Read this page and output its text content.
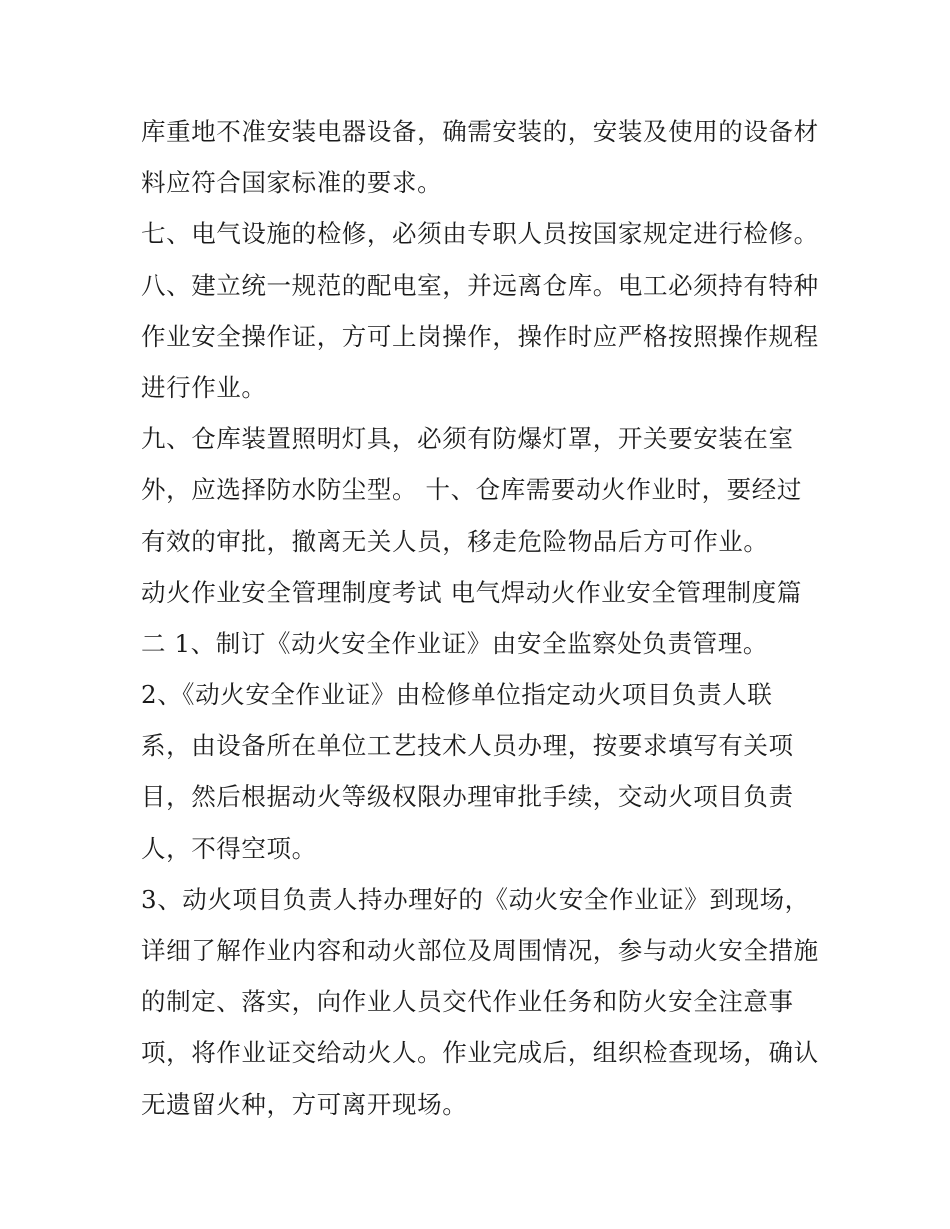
库重地不准安装电器设备，确需安装的，安装及使用的设备材
料应符合国家标准的要求。
七、电气设施的检修，必须由专职人员按国家规定进行检修。
八、建立统一规范的配电室，并远离仓库。电工必须持有特种
作业安全操作证，方可上岗操作，操作时应严格按照操作规程
进行作业。
九、仓库装置照明灯具，必须有防爆灯罩，开关要安装在室
外，应选择防水防尘型。 十、仓库需要动火作业时，要经过
有效的审批，撤离无关人员，移走危险物品后方可作业。
动火作业安全管理制度考试 电气焊动火作业安全管理制度篇
二 1、制订《动火安全作业证》由安全监察处负责管理。
2、《动火安全作业证》由检修单位指定动火项目负责人联
系，由设备所在单位工艺技术人员办理，按要求填写有关项
目，然后根据动火等级权限办理审批手续，交动火项目负责
人，不得空项。
3、动火项目负责人持办理好的《动火安全作业证》到现场，
详细了解作业内容和动火部位及周围情况，参与动火安全措施
的制定、落实，向作业人员交代作业任务和防火安全注意事
项，将作业证交给动火人。作业完成后，组织检查现场，确认
无遗留火种，方可离开现场。
